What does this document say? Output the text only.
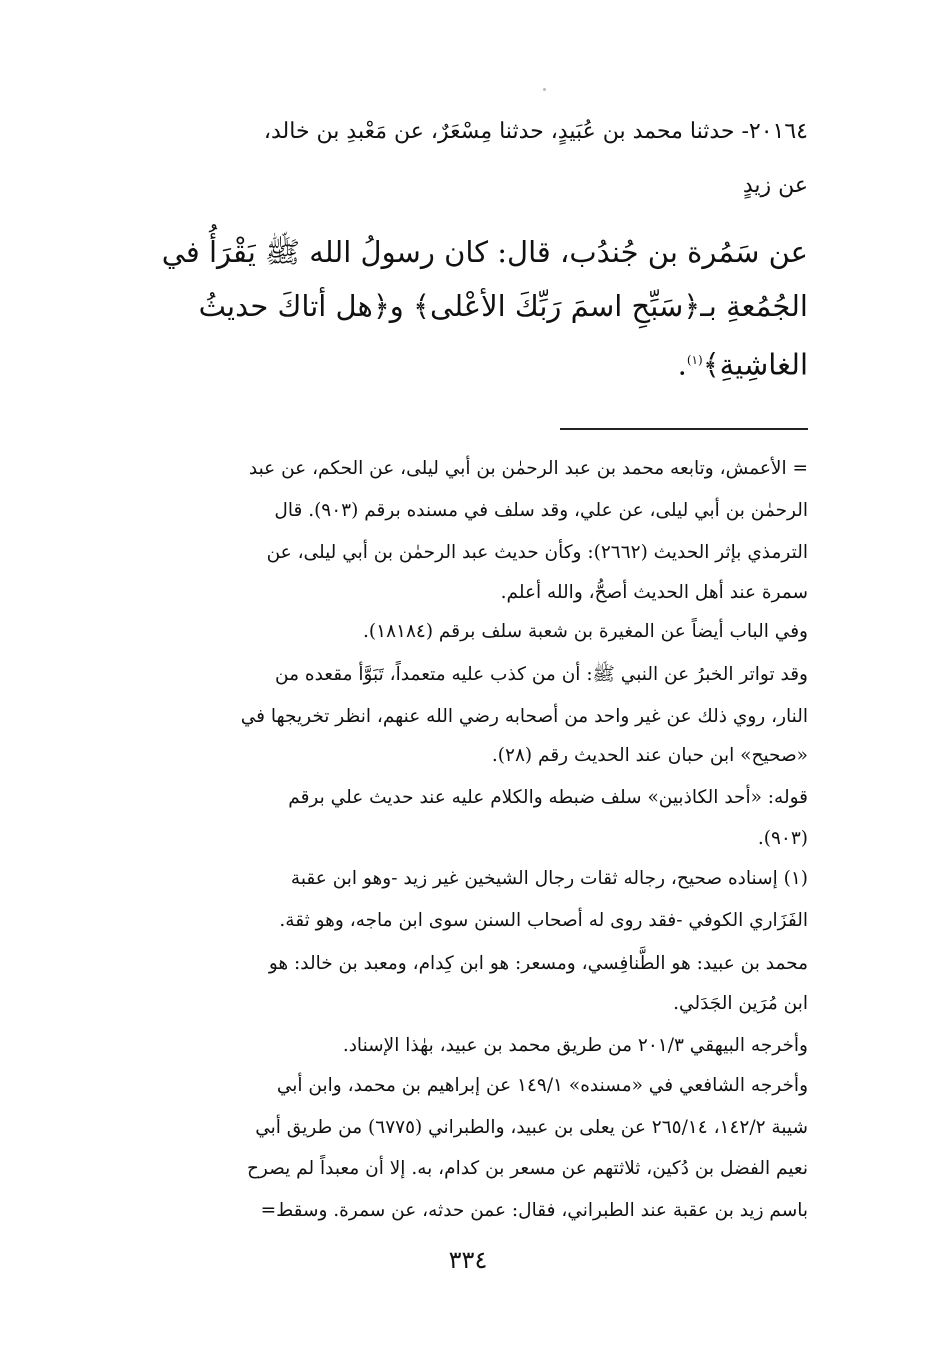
٢٠١٦٤- حدثنا محمد بن عُبَيدٍ، حدثنا مِسْعَرٌ، عن مَعْبدِ بن خالد،
عن زيدٍ
عن سَمُرة بن جُندُب، قال: كان رسولُ الله ﷺ يَقْرَأُ في
الجُمُعةِ بـ﴿سَبِّحِ اسمَ رَبِّكَ الأعْلى﴾ و﴿هل أتاكَ حديثُ
الغاشِيةِ﴾$^{(١)}$.
= الأعمش، وتابعه محمد بن عبد الرحمٰن بن أبي ليلى، عن الحكم، عن عبد
الرحمٰن بن أبي ليلى، عن علي، وقد سلف في مسنده برقم (٩٠٣). قال
الترمذي بإثر الحديث (٢٦٦٢): وكأن حديث عبد الرحمٰن بن أبي ليلى، عن
سمرة عند أهل الحديث أصحُّ، والله أعلم.
وفي الباب أيضاً عن المغيرة بن شعبة سلف برقم (١٨١٨٤).
وقد تواتر الخبرُ عن النبي ﷺ: أن من كذب عليه متعمداً، تَبَوَّأ مقعده من
النار، روي ذلك عن غير واحد من أصحابه رضي الله عنهم، انظر تخريجها في
«صحيح» ابن حبان عند الحديث رقم (٢٨).
قوله: «أحد الكاذبين» سلف ضبطه والكلام عليه عند حديث علي برقم
(٩٠٣).
(١) إسناده صحيح، رجاله ثقات رجال الشيخين غير زيد -وهو ابن عقبة
الفَزَاري الكوفي -فقد روى له أصحاب السنن سوى ابن ماجه، وهو ثقة.
محمد بن عبيد: هو الطَّنافِسي، ومسعر: هو ابن كِدام، ومعبد بن خالد: هو
ابن مُرَين الجَدَلي.
وأخرجه البيهقي ٢٠١/٣ من طريق محمد بن عبيد، بهٰذا الإسناد.
وأخرجه الشافعي في «مسنده» ١٤٩/١ عن إبراهيم بن محمد، وابن أبي
شيبة ١٤٢/٢، ٢٦٥/١٤ عن يعلى بن عبيد، والطبراني (٦٧٧٥) من طريق أبي
نعيم الفضل بن دُكين، ثلاثتهم عن مسعر بن كدام، به. إلا أن معبداً لم يصرح
باسم زيد بن عقبة عند الطبراني، فقال: عمن حدثه، عن سمرة. وسقط=
٣٣٤
